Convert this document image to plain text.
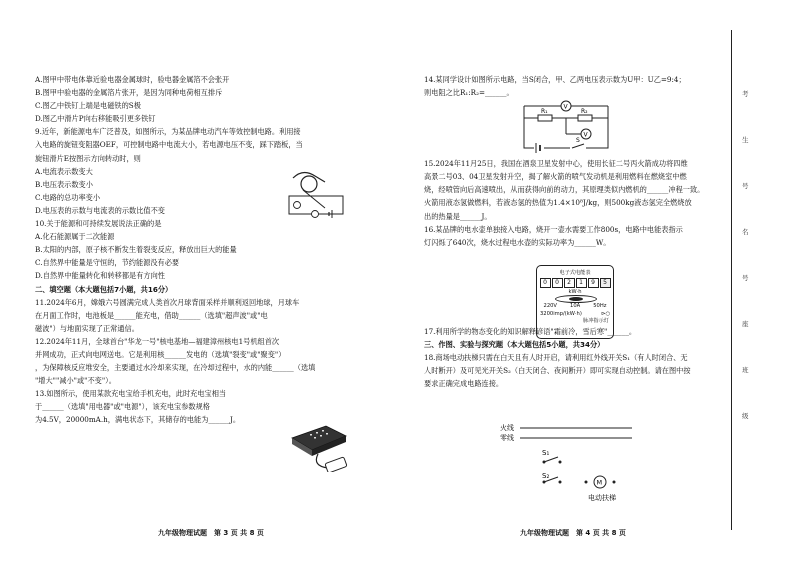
A.图甲中带电体靠近验电器金属球时，验电器金属箔不会张开

B.图甲中验电器的金属箔片张开，是因为同种电荷相互排斥

C.图乙中铁钉上端是电磁铁的S极

D.图乙中滑片P向右移能吸引更多铁钉

9.近年，新能源电车广泛普及，如图所示，为某品牌电动汽车等效控制电路。利用接

入电路的旋钮变阻器OEF，可控制电路中电流大小，若电源电压不变，踩下踏板，当

旋钮滑片E按图示方向转动时，则

A.电流表示数变大

B.电压表示数变小

C.电路的总功率变小

D.电压表的示数与电流表的示数比值不变

10.关于能源和可持续发展说法正确的是

A.化石能源属于二次能源

B.太阳的内部，原子核不断发生着裂变反应，释放出巨大的能量

C.自然界中能量是守恒的，节约能源没有必要

D.自然界中能量转化和转移都是有方向性

二、填空题（本大题包括7小题，共16分）

11.2024年6月，嫦娥六号圆满完成人类首次月球背面采样并顺利返回地球，月球车

在月面工作时，电池板是______能充电，借助______（选填"超声波"或"电

磁波"）与地面实现了正常通信。

12.2024年11月，全球首台"华龙一号"核电基地—福建漳州核电1号机组首次

并网成功，正式向电网送电。它是利用核______发电的（选填"裂变"或"聚变"）

，为保障核反应堆安全，主要通过水冷却来实现，在冷却过程中，水的内能______（选填

"增大""减小"或"不变"）。

13.如图所示，使用某款充电宝给手机充电，此时充电宝相当

于______（选填"用电器"或"电源"），该充电宝参数规格

为4.5V，20000mA.h，满电状态下，其储存的电能为______J。

九年级物理试题　第 3 页 共 8 页

14.某同学设计如图所示电路，当S闭合，甲、乙两电压表示数为U甲：U乙=9:4；

则电阻之比R₁:R₂=______。

15.2024年11月25日，我国在酒泉卫星发射中心，使用长征二号丙火箭成功将四维

高景二号03、04卫星发射升空，揭了解火箭的喷气发动机是利用燃料在燃烧室中燃

烧，经喷管向后高速喷出，从而获得向前的动力，其原理类似内燃机的______冲程一致。

火箭用液态氢做燃料，若液态氢的热值为1.4×10⁸J/kg，则500kg液态氢完全燃烧放

出的热量是______J。

16.某品牌的电水壶单独接入电路，烧开一壶水需要工作800s，电路中电能表指示

灯闪烁了640次，烧水过程电水壶的实际功率为______W。

17.利用所学的物态变化的知识解释谚语"霜前冷，雪后寒"______。

三、作图、实验与探究题（本大题包括5小题，共34分）

18.商场电动扶梯只需在白天且有人时开启，请利用红外线开关S₁（有人时闭合、无

人时断开）及可见光开关S₂（白天闭合、夜间断开）即可实现自动控制。请在图中按

要求正确完成电路连接。

V
V
R₁	R₂
S
电子式电能表
0	0	2	1	9	5
kW·h
220V	10A	50Hz
3200imp/(kW·h)	⊳○
脉冲指示灯
火线
零线
S₁
S₂
M
电动扶梯
九年级物理试题　第 4 页 共 8 页
考
生
号
名
号
座
班
级
